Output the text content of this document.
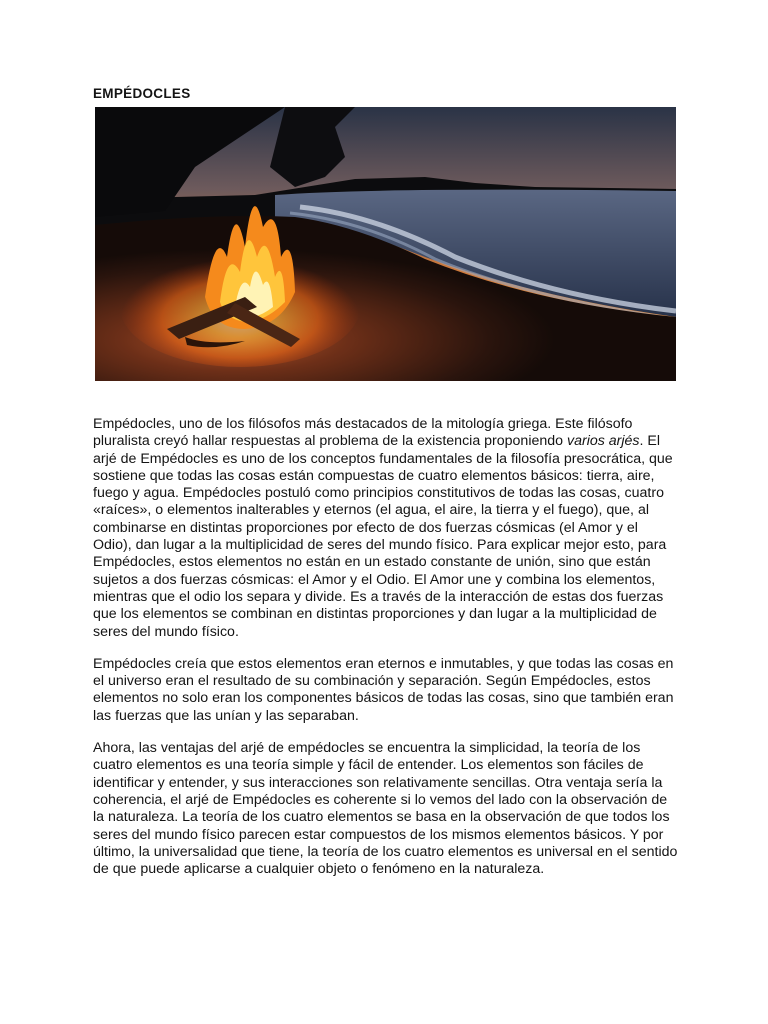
EMPÉDOCLES

Empédocles, uno de los filósofos más destacados de la mitología griega. Este filósofo pluralista creyó hallar respuestas al problema de la existencia proponiendo varios arjés. El arjé de Empédocles es uno de los conceptos fundamentales de la filosofía presocrática, que sostiene que todas las cosas están compuestas de cuatro elementos básicos: tierra, aire, fuego y agua. Empédocles postuló como principios constitutivos de todas las cosas, cuatro «raíces», o elementos inalterables y eternos (el agua, el aire, la tierra y el fuego), que, al combinarse en distintas proporciones por efecto de dos fuerzas cósmicas (el Amor y el Odio), dan lugar a la multiplicidad de seres del mundo físico. Para explicar mejor esto, para Empédocles, estos elementos no están en un estado constante de unión, sino que están sujetos a dos fuerzas cósmicas: el Amor y el Odio. El Amor une y combina los elementos, mientras que el odio los separa y divide. Es a través de la interacción de estas dos fuerzas que los elementos se combinan en distintas proporciones y dan lugar a la multiplicidad de seres del mundo físico.

Empédocles creía que estos elementos eran eternos e inmutables, y que todas las cosas en el universo eran el resultado de su combinación y separación. Según Empédocles, estos elementos no solo eran los componentes básicos de todas las cosas, sino que también eran las fuerzas que las unían y las separaban.

Ahora, las ventajas del arjé de empédocles se encuentra la simplicidad, la teoría de los cuatro elementos es una teoría simple y fácil de entender. Los elementos son fáciles de identificar y entender, y sus interacciones son relativamente sencillas. Otra ventaja sería la coherencia, el arjé de Empédocles es coherente si lo vemos del lado con la observación de la naturaleza. La teoría de los cuatro elementos se basa en la observación de que todos los seres del mundo físico parecen estar compuestos de los mismos elementos básicos. Y por último, la universalidad que tiene, la teoría de los cuatro elementos es universal en el sentido de que puede aplicarse a cualquier objeto o fenómeno en la naturaleza.
